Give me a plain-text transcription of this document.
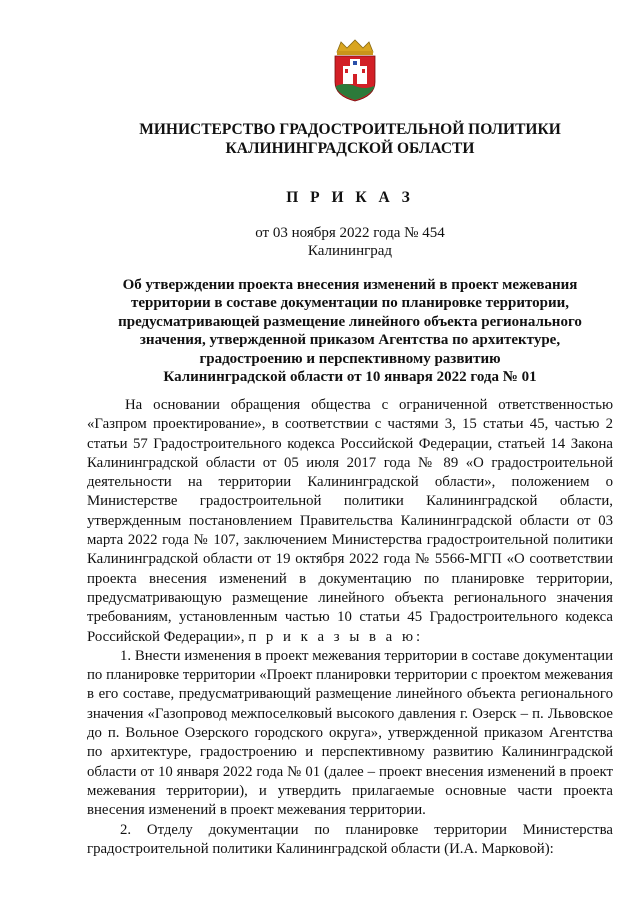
МИНИСТЕРСТВО ГРАДОСТРОИТЕЛЬНОЙ ПОЛИТИКИ
КАЛИНИНГРАДСКОЙ ОБЛАСТИ
П Р И К А З
от 03 ноября 2022 года № 454
Калининград
Об утверждении проекта внесения изменений в проект межевания
территории в составе документации по планировке территории,
предусматривающей размещение линейного объекта регионального
значения, утвержденной приказом Агентства по архитектуре,
градостроению и перспективному развитию
Калининградской области от 10 января 2022 года № 01

На основании обращения общества с ограниченной ответственностью «Газпром проектирование», в соответствии с частями 3, 15 статьи 45, частью 2 статьи 57 Градостроительного кодекса Российской Федерации, статьей 14 Закона Калининградской области от 05 июля 2017 года № 89 «О градостроительной деятельности на территории Калининградской области», положением о Министерстве градостроительной политики Калининградской области, утвержденным постановлением Правительства Калининградской области от 03 марта 2022 года № 107, заключением Министерства градостроительной политики Калининградской области от 19 октября 2022 года № 5566-МГП «О соответствии проекта внесения изменений в документацию по планировке территории, предусматривающую размещение линейного объекта регионального значения требованиям, установленным частью 10 статьи 45 Градостроительного кодекса Российской Федерации», п р и к а з ы в а ю:

1. Внести изменения в проект межевания территории в составе документации по планировке территории «Проект планировки территории с проектом межевания в его составе, предусматривающий размещение линейного объекта регионального значения «Газопровод межпоселковый высокого давления г. Озерск – п. Львовское до п. Вольное Озерского городского округа», утвержденной приказом Агентства по архитектуре, градостроению и перспективному развитию Калининградской области от 10 января 2022 года № 01 (далее – проект внесения изменений в проект межевания территории), и утвердить прилагаемые основные части проекта внесения изменений в проект межевания территории.

2. Отделу документации по планировке территории Министерства градостроительной политики Калининградской области (И.А. Марковой):
